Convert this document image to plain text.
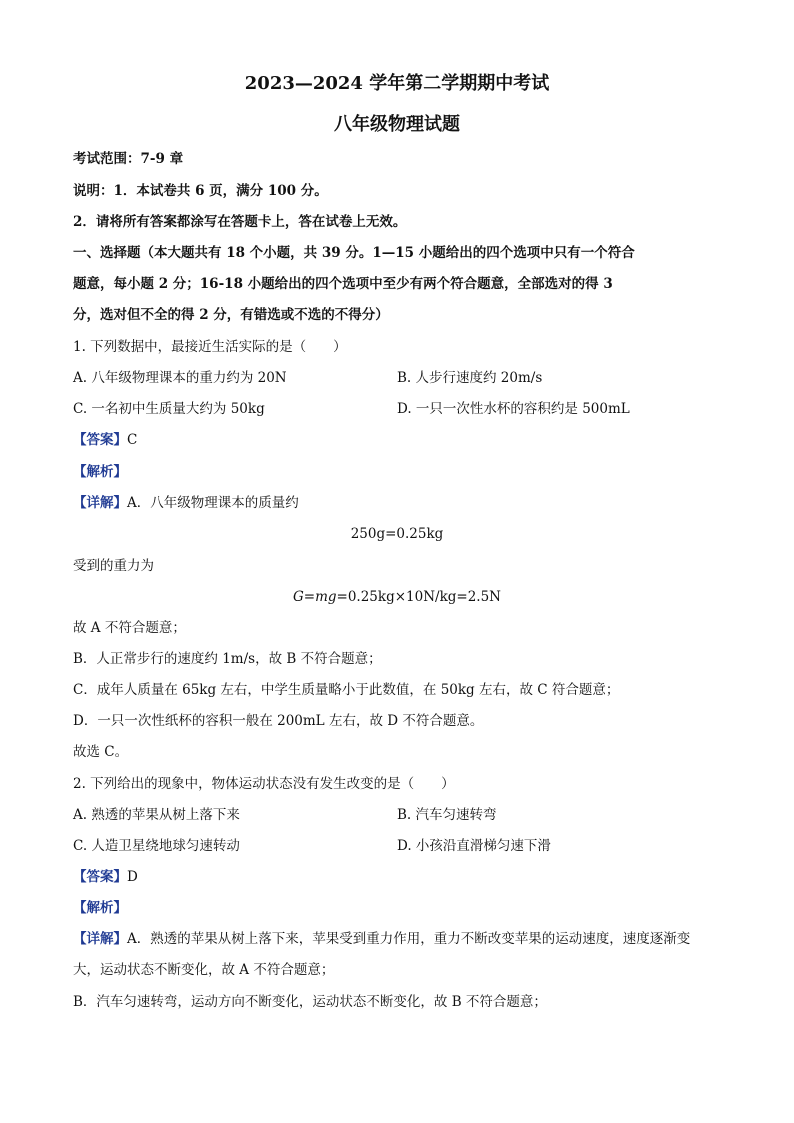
2023—2024 学年第二学期期中考试
八年级物理试题
考试范围：7-9 章
说明：1．本试卷共 6 页，满分 100 分。
2．请将所有答案都涂写在答题卡上，答在试卷上无效。
一、选择题（本大题共有 18 个小题，共 39 分。1—15 小题给出的四个选项中只有一个符合
题意，每小题 2 分；16-18 小题给出的四个选项中至少有两个符合题意，全部选对的得 3
分，选对但不全的得 2 分，有错选或不选的不得分）
1. 下列数据中，最接近生活实际的是（　　）
A. 八年级物理课本的重力约为 20N	B. 人步行速度约 20m/s
C. 一名初中生质量大约为 50kg	D. 一只一次性水杯的容积约是 500mL
【答案】C
【解析】
【详解】A．八年级物理课本的质量约
250g=0.25kg
受到的重力为
G=mg=0.25kg×10N/kg=2.5N
故 A 不符合题意；
B．人正常步行的速度约 1m/s，故 B 不符合题意；
C．成年人质量在 65kg 左右，中学生质量略小于此数值，在 50kg 左右，故 C 符合题意；
D．一只一次性纸杯的容积一般在 200mL 左右，故 D 不符合题意。
故选 C。
2. 下列给出的现象中，物体运动状态没有发生改变的是（　　）
A. 熟透的苹果从树上落下来	B. 汽车匀速转弯
C. 人造卫星绕地球匀速转动	D. 小孩沿直滑梯匀速下滑
【答案】D
【解析】
【详解】A．熟透的苹果从树上落下来，苹果受到重力作用，重力不断改变苹果的运动速度，速度逐渐变
大，运动状态不断变化，故 A 不符合题意；
B．汽车匀速转弯，运动方向不断变化，运动状态不断变化，故 B 不符合题意；
